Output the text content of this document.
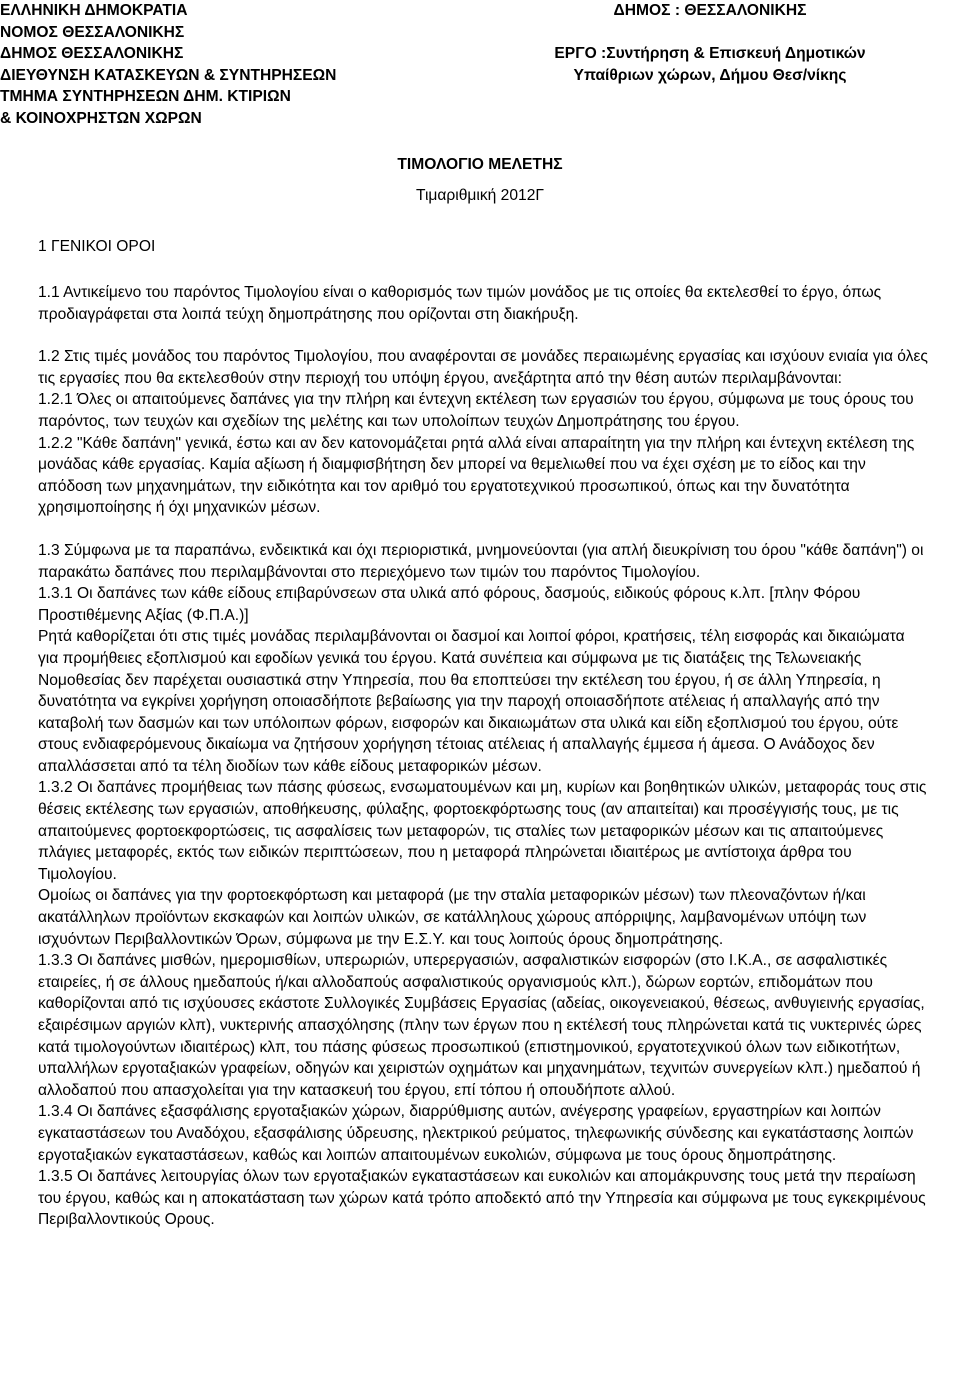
ΕΛΛΗΝΙΚΗ ΔΗΜΟΚΡΑΤΙΑ
ΝΟΜΟΣ ΘΕΣΣΑΛΟΝΙΚΗΣ
ΔΗΜΟΣ ΘΕΣΣΑΛΟΝΙΚΗΣ
ΔΙΕΥΘΥΝΣΗ ΚΑΤΑΣΚΕΥΩΝ & ΣΥΝΤΗΡΗΣΕΩΝ
ΤΜΗΜΑ ΣΥΝΤΗΡΗΣΕΩΝ ΔΗΜ. ΚΤΙΡΙΩΝ
& ΚΟΙΝΟΧΡΗΣΤΩΝ ΧΩΡΩΝ
ΔΗΜΟΣ : ΘΕΣΣΑΛΟΝΙΚΗΣ
ΕΡΓΟ :Συντήρηση & Επισκευή Δημοτικών
Υπαίθριων χώρων, Δήμου Θεσ/νίκης
ΤΙΜΟΛΟΓΙΟ ΜΕΛΕΤΗΣ
Τιμαριθμική 2012Γ
1 ΓΕΝΙΚΟΙ ΟΡΟΙ

1.1 Αντικείμενο του παρόντος Τιμολογίου είναι ο καθορισμός των τιμών μονάδος με τις οποίες θα εκτελεσθεί το έργο, όπως προδιαγράφεται στα λοιπά τεύχη δημοπράτησης που ορίζονται στη διακήρυξη.

1.2 Στις τιμές μονάδος του παρόντος Τιμολογίου, που αναφέρονται σε μονάδες περαιωμένης εργασίας και ισχύουν ενιαία για όλες τις εργασίες που θα εκτελεσθούν στην περιοχή του υπόψη έργου, ανεξάρτητα από την θέση αυτών περιλαμβάνονται:

1.2.1 Όλες οι απαιτούμενες δαπάνες για την πλήρη και έντεχνη εκτέλεση των εργασιών του έργου, σύμφωνα με τους όρους του παρόντος, των τευχών και σχεδίων της μελέτης και των υπολοίπων τευχών Δημοπράτησης του έργου.

1.2.2 "Κάθε δαπάνη" γενικά, έστω και αν δεν κατονομάζεται ρητά αλλά είναι απαραίτητη για την πλήρη και έντεχνη εκτέλεση της μονάδας κάθε εργασίας. Καμία αξίωση ή διαμφισβήτηση δεν μπορεί να θεμελιωθεί που να έχει σχέση με το είδος και την απόδοση των μηχανημάτων, την ειδικότητα και τον αριθμό του εργατοτεχνικού προσωπικού, όπως και την δυνατότητα χρησιμοποίησης ή όχι μηχανικών μέσων.

1.3 Σύμφωνα με τα παραπάνω, ενδεικτικά και όχι περιοριστικά, μνημονεύονται (για απλή διευκρίνιση του όρου "κάθε δαπάνη") οι παρακάτω δαπάνες που περιλαμβάνονται στο περιεχόμενο των τιμών του παρόντος Τιμολογίου.

1.3.1 Οι δαπάνες των κάθε είδους επιβαρύνσεων στα υλικά από φόρους, δασμούς, ειδικούς φόρους κ.λπ. [πλην Φόρου Προστιθέμενης Αξίας (Φ.Π.Α.)]

Ρητά καθορίζεται ότι στις τιμές μονάδας περιλαμβάνονται οι δασμοί και λοιποί φόροι, κρατήσεις, τέλη εισφοράς και δικαιώματα για προμήθειες εξοπλισμού και εφοδίων γενικά του έργου. Κατά συνέπεια και σύμφωνα με τις διατάξεις της Τελωνειακής Νομοθεσίας δεν παρέχεται ουσιαστικά στην Υπηρεσία, που θα εποπτεύσει την εκτέλεση του έργου, ή σε άλλη Υπηρεσία, η δυνατότητα να εγκρίνει χορήγηση οποιασδήποτε βεβαίωσης για την παροχή οποιασδήποτε ατέλειας ή απαλλαγής από την καταβολή των δασμών και των υπόλοιπων φόρων, εισφορών και δικαιωμάτων στα υλικά και είδη εξοπλισμού του έργου, ούτε στους ενδιαφερόμενους δικαίωμα να ζητήσουν χορήγηση τέτοιας ατέλειας ή απαλλαγής έμμεσα ή άμεσα. Ο Ανάδοχος δεν απαλλάσσεται από τα τέλη διοδίων των κάθε είδους μεταφορικών μέσων.

1.3.2 Οι δαπάνες προμήθειας των πάσης φύσεως, ενσωματουμένων και μη, κυρίων και βοηθητικών υλικών, μεταφοράς τους στις θέσεις εκτέλεσης των εργασιών, αποθήκευσης, φύλαξης, φορτοεκφόρτωσης τους (αν απαιτείται) και προσέγγισής τους, με τις απαιτούμενες φορτοεκφορτώσεις, τις ασφαλίσεις των μεταφορών, τις σταλίες των μεταφορικών μέσων και τις απαιτούμενες πλάγιες μεταφορές, εκτός των ειδικών περιπτώσεων, που η μεταφορά πληρώνεται ιδιαιτέρως με αντίστοιχα άρθρα του Τιμολογίου.

Ομοίως οι δαπάνες για την φορτοεκφόρτωση και μεταφορά (με την σταλία μεταφορικών μέσων) των πλεοναζόντων ή/και ακατάλληλων προϊόντων εκσκαφών και λοιπών υλικών, σε κατάλληλους χώρους απόρριψης, λαμβανομένων υπόψη των ισχυόντων Περιβαλλοντικών Όρων, σύμφωνα με την Ε.Σ.Υ. και τους λοιπούς όρους δημοπράτησης.

1.3.3 Οι δαπάνες μισθών, ημερομισθίων, υπερωριών, υπερεργασιών, ασφαλιστικών εισφορών (στο Ι.Κ.Α., σε ασφαλιστικές εταιρείες, ή σε άλλους ημεδαπούς ή/και αλλοδαπούς ασφαλιστικούς οργανισμούς κλπ.), δώρων εορτών, επιδομάτων που καθορίζονται από τις ισχύουσες εκάστοτε Συλλογικές Συμβάσεις Εργασίας (αδείας, οικογενειακού, θέσεως, ανθυγιεινής εργασίας, εξαιρέσιμων αργιών κλπ), νυκτερινής απασχόλησης (πλην των έργων που η εκτέλεσή τους πληρώνεται κατά τις νυκτερινές ώρες κατά τιμολογούντων ιδιαιτέρως) κλπ, του πάσης φύσεως προσωπικού (επιστημονικού, εργατοτεχνικού όλων των ειδικοτήτων, υπαλλήλων εργοταξιακών γραφείων, οδηγών και χειριστών οχημάτων και μηχανημάτων, τεχνιτών συνεργείων κλπ.) ημεδαπού ή αλλοδαπού που απασχολείται για την κατασκευή του έργου, επί τόπου ή οπουδήποτε αλλού.

1.3.4 Οι δαπάνες εξασφάλισης εργοταξιακών χώρων, διαρρύθμισης αυτών, ανέγερσης γραφείων, εργαστηρίων και λοιπών εγκαταστάσεων του Αναδόχου, εξασφάλισης ύδρευσης, ηλεκτρικού ρεύματος, τηλεφωνικής σύνδεσης και εγκατάστασης λοιπών εργοταξιακών εγκαταστάσεων, καθώς και λοιπών απαιτουμένων ευκολιών, σύμφωνα με τους όρους δημοπράτησης.

1.3.5 Οι δαπάνες λειτουργίας όλων των εργοταξιακών εγκαταστάσεων και ευκολιών και απομάκρυνσης τους μετά την περαίωση του έργου, καθώς και η αποκατάσταση των χώρων κατά τρόπο αποδεκτό από την Υπηρεσία και σύμφωνα με τους εγκεκριμένους Περιβαλλοντικούς Ορους.
